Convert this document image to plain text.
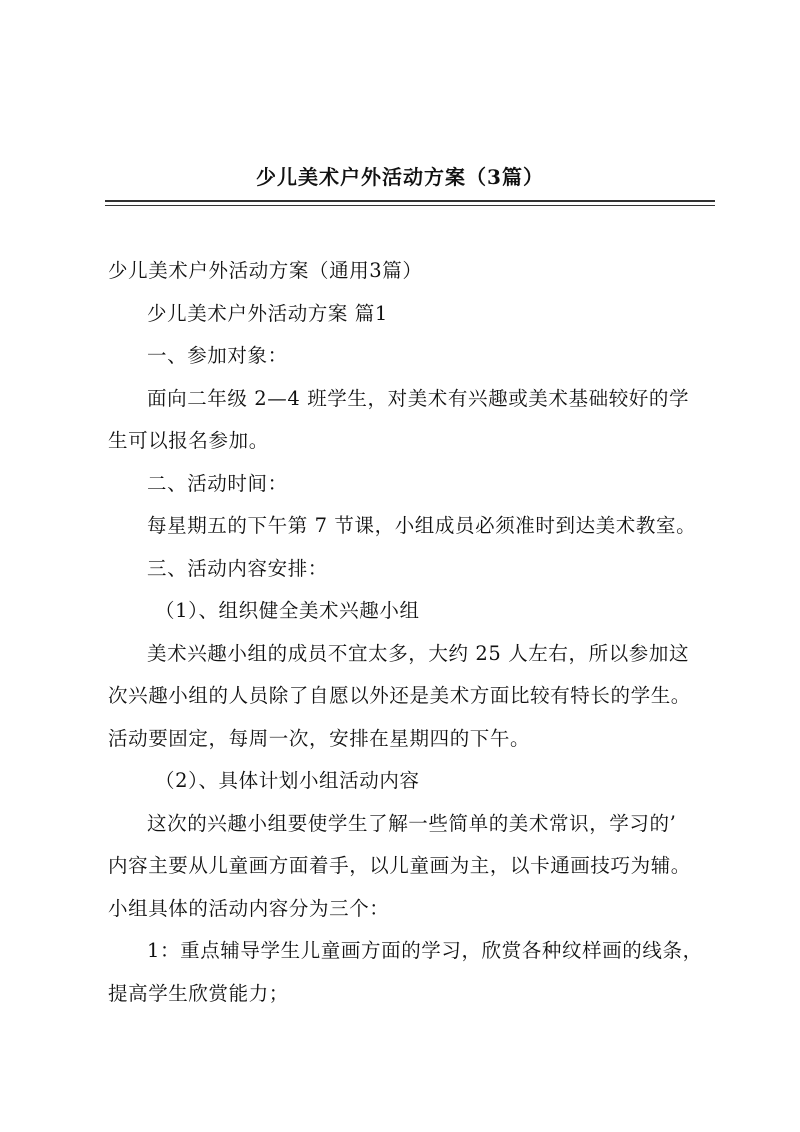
少儿美术户外活动方案（3篇）

少儿美术户外活动方案（通用3篇）

少儿美术户外活动方案 篇1

一、参加对象：

面向二年级 2—4 班学生，对美术有兴趣或美术基础较好的学

生可以报名参加。

二、活动时间：

每星期五的下午第 7 节课，小组成员必须准时到达美术教室。

三、活动内容安排：

（1）、组织健全美术兴趣小组

美术兴趣小组的成员不宜太多，大约 25 人左右，所以参加这

次兴趣小组的人员除了自愿以外还是美术方面比较有特长的学生。

活动要固定，每周一次，安排在星期四的下午。

（2）、具体计划小组活动内容

这次的兴趣小组要使学生了解一些简单的美术常识，学习的’

内容主要从儿童画方面着手，以儿童画为主，以卡通画技巧为辅。

小组具体的活动内容分为三个：

1：重点辅导学生儿童画方面的学习，欣赏各种纹样画的线条，

提高学生欣赏能力；
